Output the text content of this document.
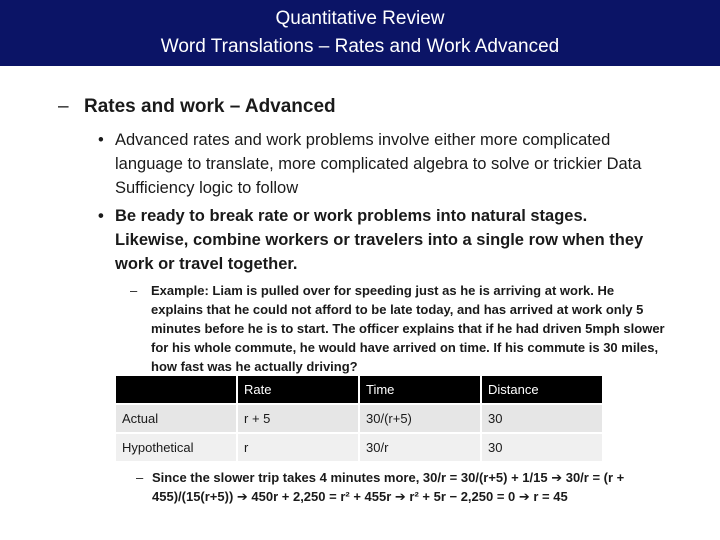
Quantitative Review
Word Translations – Rates and Work Advanced
– Rates and work – Advanced
• Advanced rates and work problems involve either more complicated language to translate, more complicated algebra to solve or trickier Data Sufficiency logic to follow
• Be ready to break rate or work problems into natural stages. Likewise, combine workers or travelers into a single row when they work or travel together.
– Example: Liam is pulled over for speeding just as he is arriving at work. He explains that he could not afford to be late today, and has arrived at work only 5 minutes before he is to start. The officer explains that if he had driven 5mph slower for his whole commute, he would have arrived on time. If his commute is 30 miles, how fast was he actually driving?
	Rate	Time	Distance
Actual	r + 5	30/(r+5)	30
Hypothetical	r	30/r	30
– Since the slower trip takes 4 minutes more, 30/r = 30/(r+5) + 1/15 ➔ 30/r = (r + 455)/(15(r+5)) ➔ 450r + 2,250 = r² + 455r ➔ r² + 5r − 2,250 = 0 ➔ r = 45
